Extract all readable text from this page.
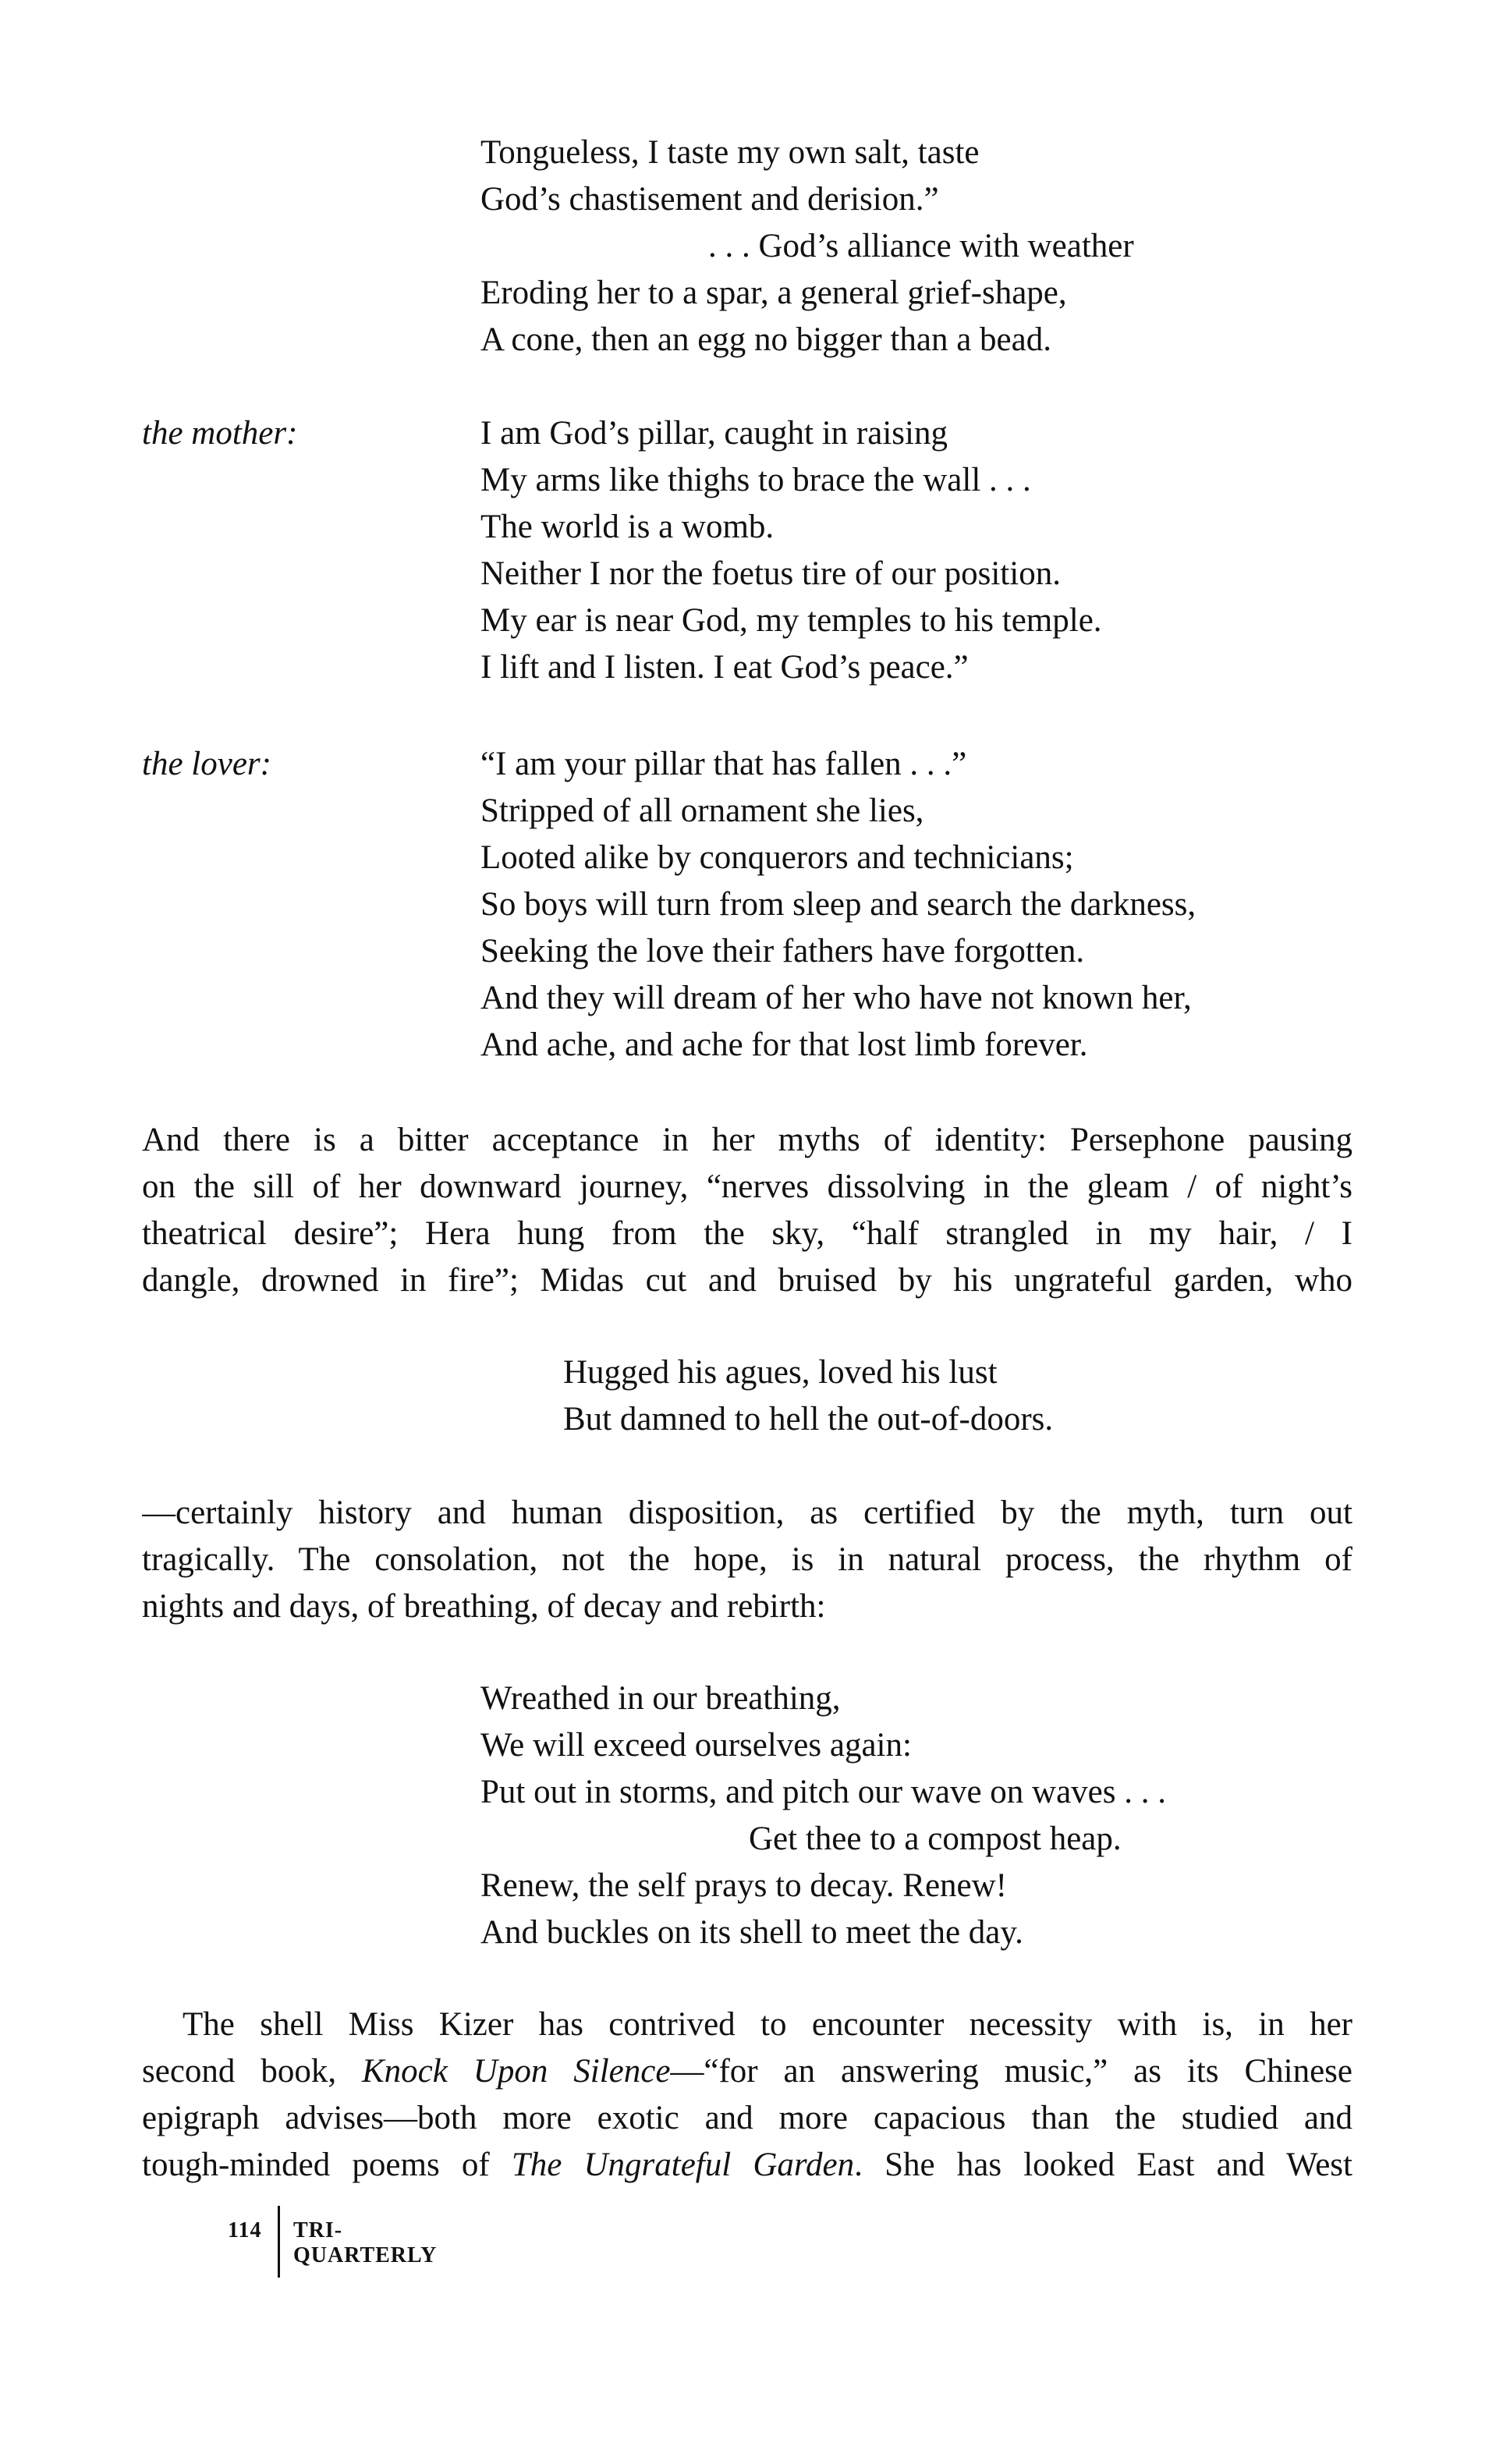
Tongueless, I taste my own salt, taste
God’s chastisement and derision.”
. . . God’s alliance with weather
Eroding her to a spar, a general grief-shape,
A cone, then an egg no bigger than a bead.
the mother:	I am God’s pillar, caught in raising
My arms like thighs to brace the wall . . .
The world is a womb.
Neither I nor the foetus tire of our position.
My ear is near God, my temples to his temple.
I lift and I listen. I eat God’s peace.”
the lover:	“I am your pillar that has fallen . . .”
Stripped of all ornament she lies,
Looted alike by conquerors and technicians;
So boys will turn from sleep and search the darkness,
Seeking the love their fathers have forgotten.
And they will dream of her who have not known her,
And ache, and ache for that lost limb forever.
And there is a bitter acceptance in her myths of identity: Persephone pausing
on the sill of her downward journey, “nerves dissolving in the gleam / of night’s
theatrical desire”; Hera hung from the sky, “half strangled in my hair, / I
dangle, drowned in fire”; Midas cut and bruised by his ungrateful garden, who
Hugged his agues, loved his lust
But damned to hell the out-of-doors.
—certainly history and human disposition, as certified by the myth, turn out
tragically. The consolation, not the hope, is in natural process, the rhythm of
nights and days, of breathing, of decay and rebirth:
Wreathed in our breathing,
We will exceed ourselves again:
Put out in storms, and pitch our wave on waves . . .
Get thee to a compost heap.
Renew, the self prays to decay. Renew!
And buckles on its shell to meet the day.
The shell Miss Kizer has contrived to encounter necessity with is, in her
second book, Knock Upon Silence—“for an answering music,” as its Chinese
epigraph advises—both more exotic and more capacious than the studied and
tough-minded poems of The Ungrateful Garden. She has looked East and West
114 TRI-QUARTERLY
